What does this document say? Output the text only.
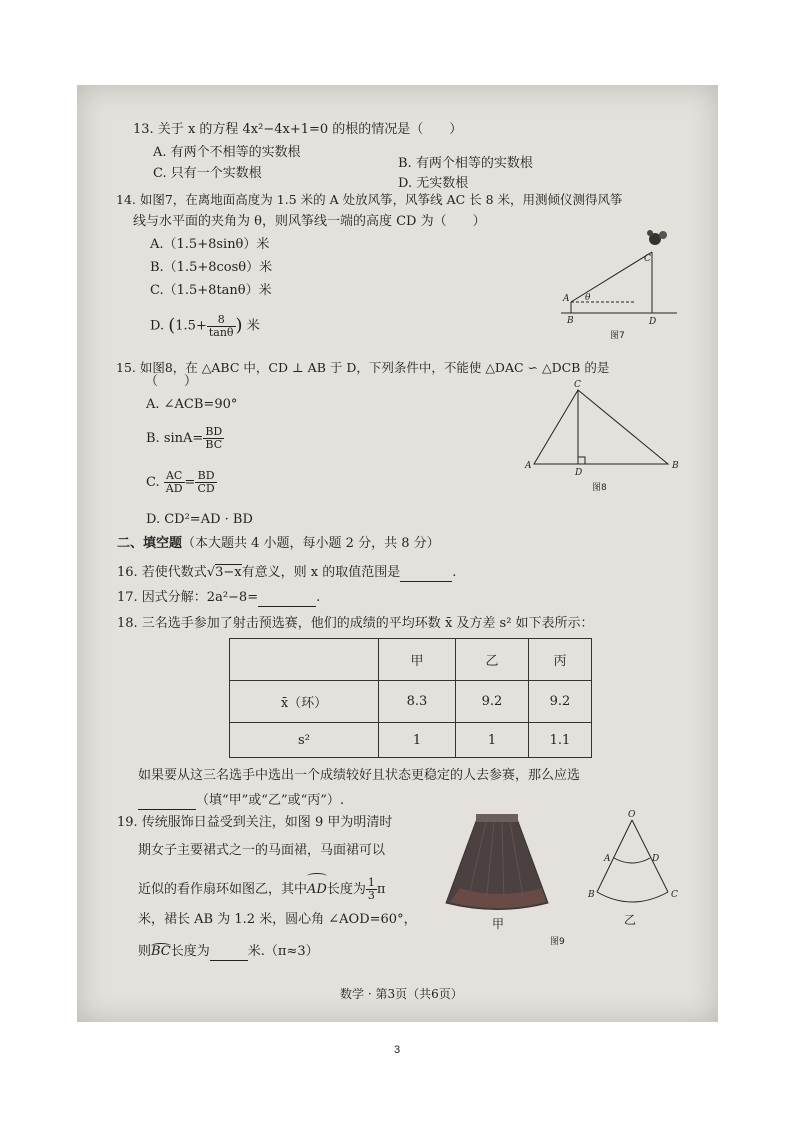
13. 关于 x 的方程 4x²−4x+1=0 的根的情况是（　　）
A. 有两个不相等的实数根
B. 有两个相等的实数根
C. 只有一个实数根
D. 无实数根
14. 如图7，在离地面高度为 1.5 米的 A 处放风筝，风筝线 AC 长 8 米，用测倾仪测得风筝
线与水平面的夹角为 θ，则风筝线一端的高度 CD 为（　　）
A.（1.5+8sinθ）米
B.（1.5+8cosθ）米
C.（1.5+8tanθ）米
D. ($1.5+ \frac{8}{\tan\theta}$ ) 米
A
B
C
D
θ
图7
15. 如图8，在 △ABC 中，CD ⊥ AB 于 D，下列条件中，不能使 △DAC ∽ △DCB 的是
（　　）
A. ∠ACB=90°
B. $\sin A= \frac{BD}{BC}$
C. $\frac{AC}{AD} = \frac{BD}{CD}$
D. CD²=AD · BD
A	B
C
D
图8
二、填空题（本大题共 4 小题，每小题 2 分，共 8 分）
16. 若使代数式√3−x有意义，则 x 的取值范围是	.
17. 因式分解：2a²−8=	.
18. 三名选手参加了射击预选赛，他们的成绩的平均环数 x̄ 及方差 s² 如下表所示：
	甲	乙	丙
x̄（环）	8.3	9.2	9.2
s²	1	1	1.1
如果要从这三名选手中选出一个成绩较好且状态更稳定的人去参赛，那么应选
（填“甲”或“乙”或“丙”）.
19. 传统服饰日益受到关注，如图 9 甲为明清时
期女子主要裙式之一的马面裙，马面裙可以
近似的看作扇环如图乙，其中
AD长度为 $\frac{1}{3}$ π
米，裙长 AB 为 1.2 米，圆心角 ∠AOD=60°，
则
BC长度为	米.（π≈3）
甲
图9
O
A	D
B	C
乙
数学 · 第3页（共6页）
3
